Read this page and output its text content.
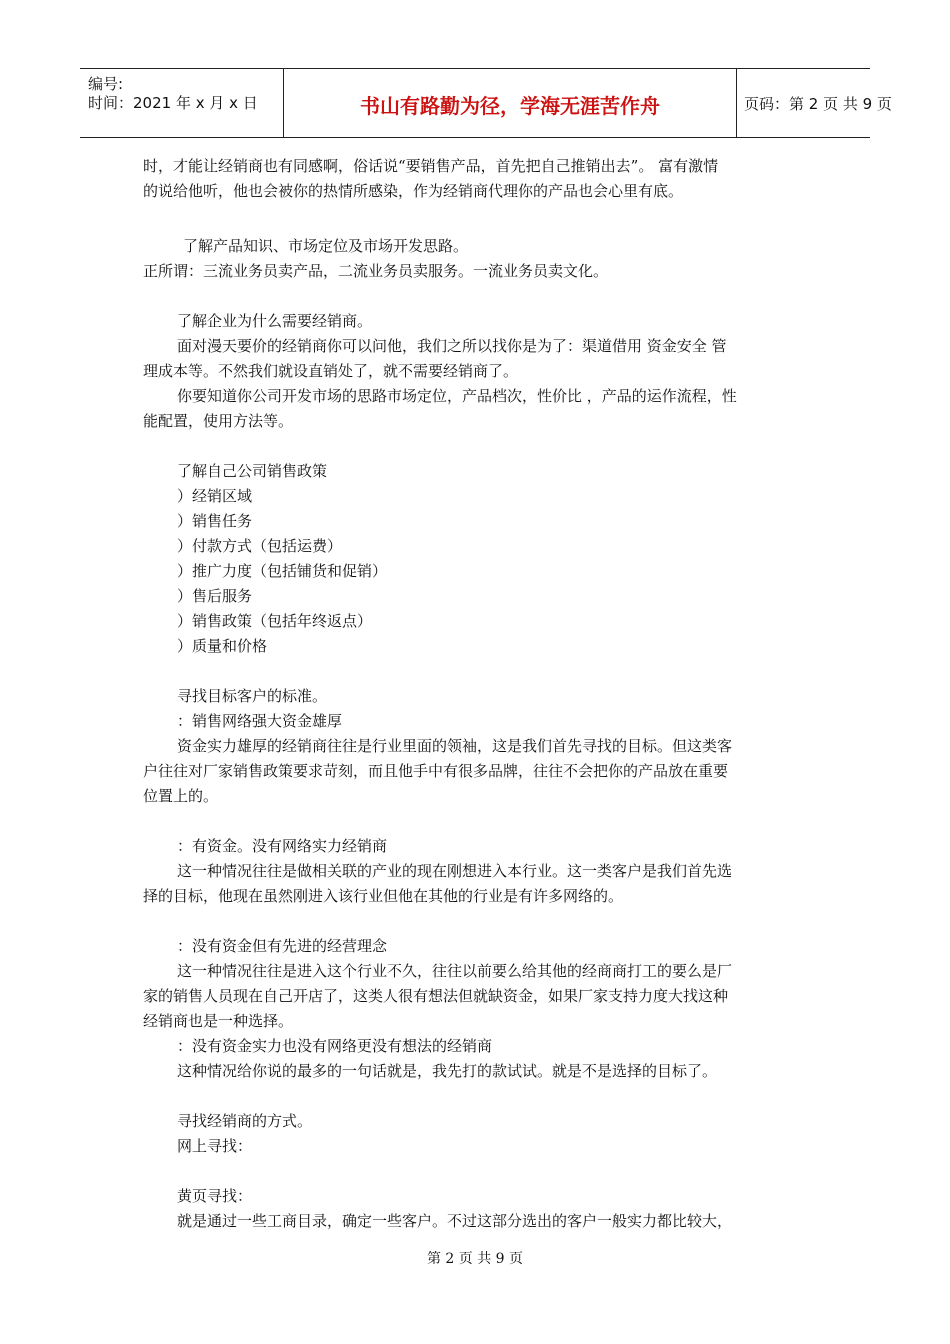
编号:
时间：2021 年 x 月 x 日	书山有路勤为径，学海无涯苦作舟	页码：第 2 页 共 9 页
时，才能让经销商也有同感啊，俗话说“要销售产品，首先把自己推销出去”。 富有激情
的说给他听，他也会被你的热情所感染，作为经销商代理你的产品也会心里有底。
了解产品知识、市场定位及市场开发思路。
正所谓：三流业务员卖产品，二流业务员卖服务。一流业务员卖文化。
了解企业为什么需要经销商。
面对漫天要价的经销商你可以问他，我们之所以找你是为了：渠道借用 资金安全 管
理成本等。不然我们就设直销处了，就不需要经销商了。
你要知道你公司开发市场的思路市场定位，产品档次，性价比 ，产品的运作流程，性
能配置，使用方法等。
了解自己公司销售政策
）经销区域
）销售任务
）付款方式（包括运费）
）推广力度（包括铺货和促销）
）售后服务
）销售政策（包括年终返点）
）质量和价格
寻找目标客户的标准。
：销售网络强大资金雄厚
资金实力雄厚的经销商往往是行业里面的领袖，这是我们首先寻找的目标。但这类客
户往往对厂家销售政策要求苛刻，而且他手中有很多品牌，往往不会把你的产品放在重要
位置上的。
：有资金。没有网络实力经销商
这一种情况往往是做相关联的产业的现在刚想进入本行业。这一类客户是我们首先选
择的目标，他现在虽然刚进入该行业但他在其他的行业是有许多网络的。
：没有资金但有先进的经营理念
这一种情况往往是进入这个行业不久，往往以前要么给其他的经商商打工的要么是厂
家的销售人员现在自己开店了，这类人很有想法但就缺资金，如果厂家支持力度大找这种
经销商也是一种选择。
：没有资金实力也没有网络更没有想法的经销商
这种情况给你说的最多的一句话就是，我先打的款试试。就是不是选择的目标了。
寻找经销商的方式。
网上寻找：
黄页寻找：
就是通过一些工商目录，确定一些客户。不过这部分选出的客户一般实力都比较大，
第 2 页 共 9 页
